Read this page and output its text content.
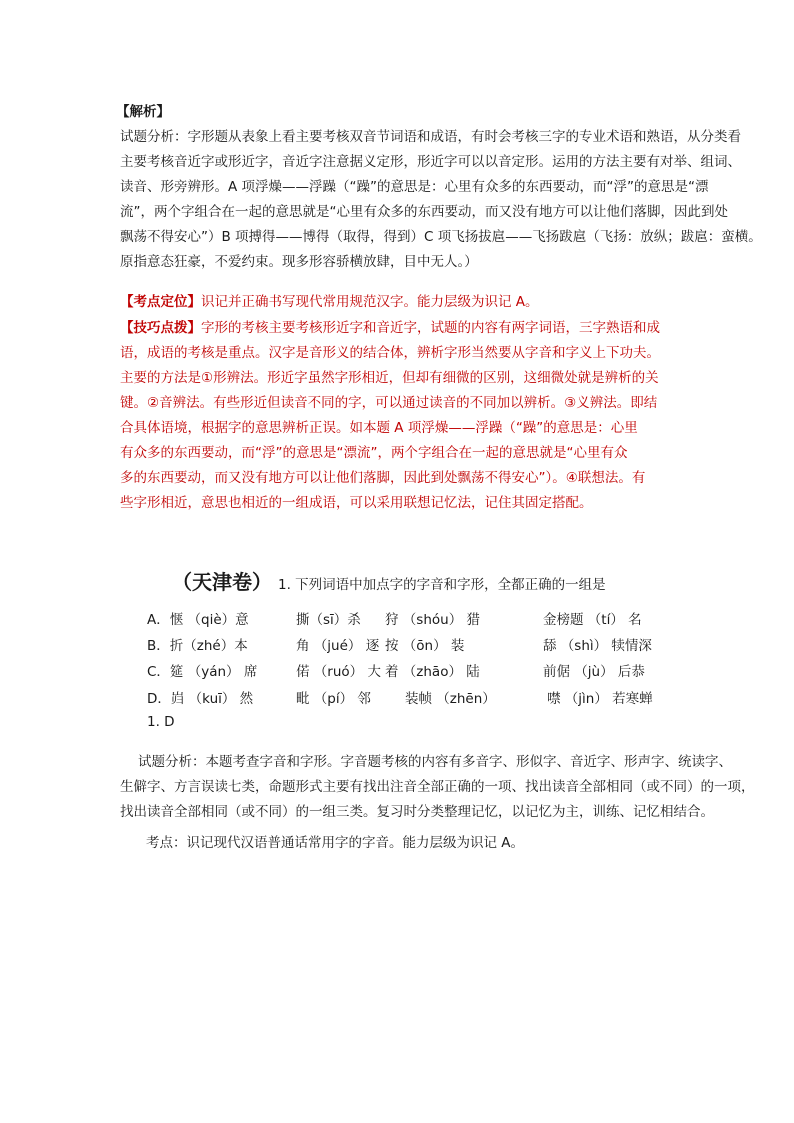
【解析】
试题分析：字形题从表象上看主要考核双音节词语和成语，有时会考核三字的专业术语和熟语，从分类看
主要考核音近字或形近字，音近字注意据义定形，形近字可以以音定形。运用的方法主要有对举、组词、
读音、形旁辨形。A 项浮燥——浮躁（“躁”的意思是：心里有众多的东西要动，而“浮”的意思是“漂
流”，两个字组合在一起的意思就是“心里有众多的东西要动，而又没有地方可以让他们落脚，因此到处
飘荡不得安心”）B 项搏得——博得（取得，得到）C 项飞扬拔扈——飞扬跋扈（飞扬：放纵；跋扈：蛮横。
原指意态狂豪，不爱约束。现多形容骄横放肆，目中无人。）
【考点定位】识记并正确书写现代常用规范汉字。能力层级为识记 A。
【技巧点拨】字形的考核主要考核形近字和音近字，试题的内容有两字词语，三字熟语和成
语，成语的考核是重点。汉字是音形义的结合体，辨析字形当然要从字音和字义上下功夫。
主要的方法是①形辨法。形近字虽然字形相近，但却有细微的区别，这细微处就是辨析的关
键。②音辨法。有些形近但读音不同的字，可以通过读音的不同加以辨析。③义辨法。即结
合具体语境，根据字的意思辨析正误。如本题 A 项浮燥——浮躁（“躁”的意思是：心里
有众多的东西要动，而“浮”的意思是“漂流”，两个字组合在一起的意思就是“心里有众
多的东西要动，而又没有地方可以让他们落脚，因此到处飘荡不得安心”）。④联想法。有
些字形相近，意思也相近的一组成语，可以采用联想记忆法，记住其固定搭配。
（天津卷） 1. 下列词语中加点字的字音和字形，全都正确的一组是
A．惬 （qiè）意	撕（sī）杀 狩 （shóu） 猎	金榜题 （tí） 名
B．折（zhé）本	角 （jué） 逐 按 （ōn） 装	舔 （shì） 犊情深
C．筵 （yán） 席	偌 （ruó） 大 着 （zhāo） 陆	前倨 （jù） 后恭
D．岿 （kuī） 然	毗 （pí） 邻	装帧 （zhēn）	噤 （jìn） 若寒蝉
1. D
试题分析：本题考查字音和字形。字音题考核的内容有多音字、形似字、音近字、形声字、统读字、
生僻字、方言误读七类，命题形式主要有找出注音全部正确的一项、找出读音全部相同（或不同）的一项，
找出读音全部相同（或不同）的一组三类。复习时分类整理记忆，以记忆为主，训练、记忆相结合。
考点：识记现代汉语普通话常用字的字音。能力层级为识记 A。
